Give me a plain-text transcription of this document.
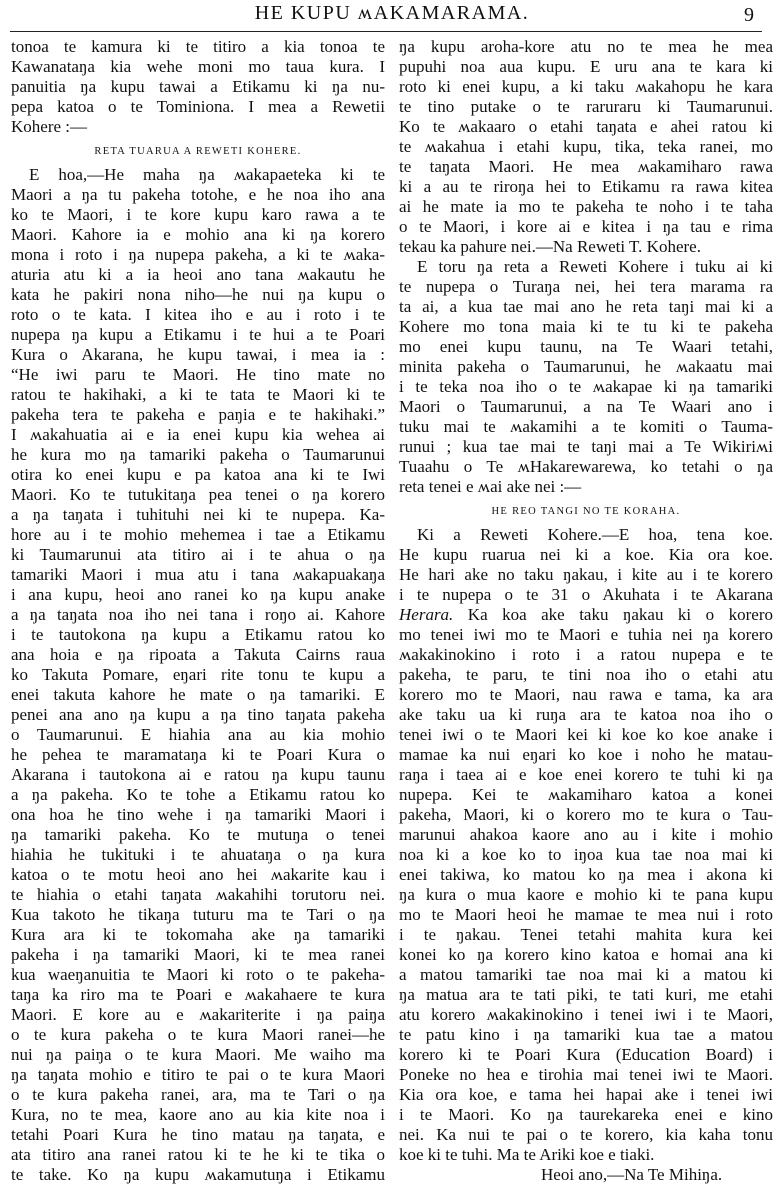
HE KUPU ʍAKAMARAMA.	9
tonoa te kamura ki te titiro a kia tonoa te
Kawanataŋa kia wehe moni mo taua kura. I
panuitia ŋa kupu tawai a Etikamu ki ŋa nu-
pepa katoa o te Tominiona. I mea a Rewetii
Kohere :—
RETA TUARUA A REWETI KOHERE.
E hoa,—He maha ŋa ʍakapaeteka ki te
Maori a ŋa tu pakeha totohe, e he noa iho ana
ko te Maori, i te kore kupu karo rawa a te
Maori. Kahore ia e mohio ana ki ŋa korero
mona i roto i ŋa nupepa pakeha, a ki te ʍaka-
aturia atu ki a ia heoi ano tana ʍakautu he
kata he pakiri nona niho—he nui ŋa kupu o
roto o te kata. I kitea iho e au i roto i te
nupepa ŋa kupu a Etikamu i te hui a te Poari
Kura o Akarana, he kupu tawai, i mea ia :
“He iwi paru te Maori. He tino mate no
ratou te hakihaki, a ki te tata te Maori ki te
pakeha tera te pakeha e paŋia e te hakihaki.”
I ʍakahuatia ai e ia enei kupu kia wehea ai
he kura mo ŋa tamariki pakeha o Taumarunui
otira ko enei kupu e pa katoa ana ki te Iwi
Maori. Ko te tutukitaŋa pea tenei o ŋa korero
a ŋa taŋata i tuhituhi nei ki te nupepa. Ka-
hore au i te mohio mehemea i tae a Etikamu
ki Taumarunui ata titiro ai i te ahua o ŋa
tamariki Maori i mua atu i tana ʍakapuakaŋa
i ana kupu, heoi ano ranei ko ŋa kupu anake
a ŋa taŋata noa iho nei tana i roŋo ai. Kahore
i te tautokona ŋa kupu a Etikamu ratou ko
ana hoia e ŋa ripoata a Takuta Cairns raua
ko Takuta Pomare, eŋari rite tonu te kupu a
enei takuta kahore he mate o ŋa tamariki. E
penei ana ano ŋa kupu a ŋa tino taŋata pakeha
o Taumarunui. E hiahia ana au kia mohio
he pehea te maramataŋa ki te Poari Kura o
Akarana i tautokona ai e ratou ŋa kupu taunu
a ŋa pakeha. Ko te tohe a Etikamu ratou ko
ona hoa he tino wehe i ŋa tamariki Maori i
ŋa tamariki pakeha. Ko te mutuŋa o tenei
hiahia he tukituki i te ahuataŋa o ŋa kura
katoa o te motu heoi ano hei ʍakarite kau i
te hiahia o etahi taŋata ʍakahihi torutoru nei.
Kua takoto he tikaŋa tuturu ma te Tari o ŋa
Kura ara ki te tokomaha ake ŋa tamariki
pakeha i ŋa tamariki Maori, ki te mea ranei
kua waeŋanuitia te Maori ki roto o te pakeha-
taŋa ka riro ma te Poari e ʍakahaere te kura
Maori. E kore au e ʍakariterite i ŋa paiŋa
o te kura pakeha o te kura Maori ranei—he
nui ŋa paiŋa o te kura Maori. Me waiho ma
ŋa taŋata mohio e titiro te pai o te kura Maori
o te kura pakeha ranei, ara, ma te Tari o ŋa
Kura, no te mea, kaore ano au kia kite noa i
tetahi Poari Kura he tino matau ŋa taŋata, e
ata titiro ana ranei ratou ki te he ki te tika o
te take. Ko ŋa kupu ʍakamutuŋa i Etikamu
ŋa kupu aroha-kore atu no te mea he mea
pupuhi noa aua kupu. E uru ana te kara ki
roto ki enei kupu, a ki taku ʍakahopu he kara
te tino putake o te raruraru ki Taumarunui.
Ko te ʍakaaro o etahi taŋata e ahei ratou ki
te ʍakahua i etahi kupu, tika, teka ranei, mo
te taŋata Maori. He mea ʍakamiharo rawa
ki a au te riroŋa hei to Etikamu ra rawa kitea
ai he mate ia mo te pakeha te noho i te taha
o te Maori, i kore ai e kitea i ŋa tau e rima
tekau ka pahure nei.—Na Reweti T. Kohere.
E toru ŋa reta a Reweti Kohere i tuku ai ki
te nupepa o Turaŋa nei, hei tera marama ra
ta ai, a kua tae mai ano he reta taŋi mai ki a
Kohere mo tona maia ki te tu ki te pakeha
mo enei kupu taunu, na Te Waari tetahi,
minita pakeha o Taumarunui, he ʍakaatu mai
i te teka noa iho o te ʍakapae ki ŋa tamariki
Maori o Taumarunui, a na Te Waari ano i
tuku mai te ʍakamihi a te komiti o Tauma-
runui ; kua tae mai te taŋi mai a Te Wikiriʍi
Tuaahu o Te ʍHakarewarewa, ko tetahi o ŋa
reta tenei e ʍai ake nei :—
HE REO TANGI NO TE KORAHA.
Ki a Reweti Kohere.—E hoa, tena koe.
He kupu ruarua nei ki a koe. Kia ora koe.
He hari ake no taku ŋakau, i kite au i te korero
i te nupepa o te 31 o Akuhata i te Akarana
Herara. Ka koa ake taku ŋakau ki o korero
mo tenei iwi mo te Maori e tuhia nei ŋa korero
ʍakakinokino i roto i a ratou nupepa e te
pakeha, te paru, te tini noa iho o etahi atu
korero mo te Maori, nau rawa e tama, ka ara
ake taku ua ki ruŋa ara te katoa noa iho o
tenei iwi o te Maori kei ki koe ko koe anake i
mamae ka nui eŋari ko koe i noho he matau-
raŋa i taea ai e koe enei korero te tuhi ki ŋa
nupepa. Kei te ʍakamiharo katoa a konei
pakeha, Maori, ki o korero mo te kura o Tau-
marunui ahakoa kaore ano au i kite i mohio
noa ki a koe ko to iŋoa kua tae noa mai ki
enei takiwa, ko matou ko ŋa mea i akona ki
ŋa kura o mua kaore e mohio ki te pana kupu
mo te Maori heoi he mamae te mea nui i roto
i te ŋakau. Tenei tetahi mahita kura kei
konei ko ŋa korero kino katoa e homai ana ki
a matou tamariki tae noa mai ki a matou ki
ŋa matua ara te tati piki, te tati kuri, me etahi
atu korero ʍakakinokino i tenei iwi i te Maori,
te patu kino i ŋa tamariki kua tae a matou
korero ki te Poari Kura (Education Board) i
Poneke no hea e tirohia mai tenei iwi te Maori.
Kia ora koe, e tama hei hapai ake i tenei iwi
i te Maori. Ko ŋa taurekareka enei e kino
nei. Ka nui te pai o te korero, kia kaha tonu
koe ki te tuhi. Ma te Ariki koe e tiaki.
Heoi ano,—Na Te Mihiŋa.
